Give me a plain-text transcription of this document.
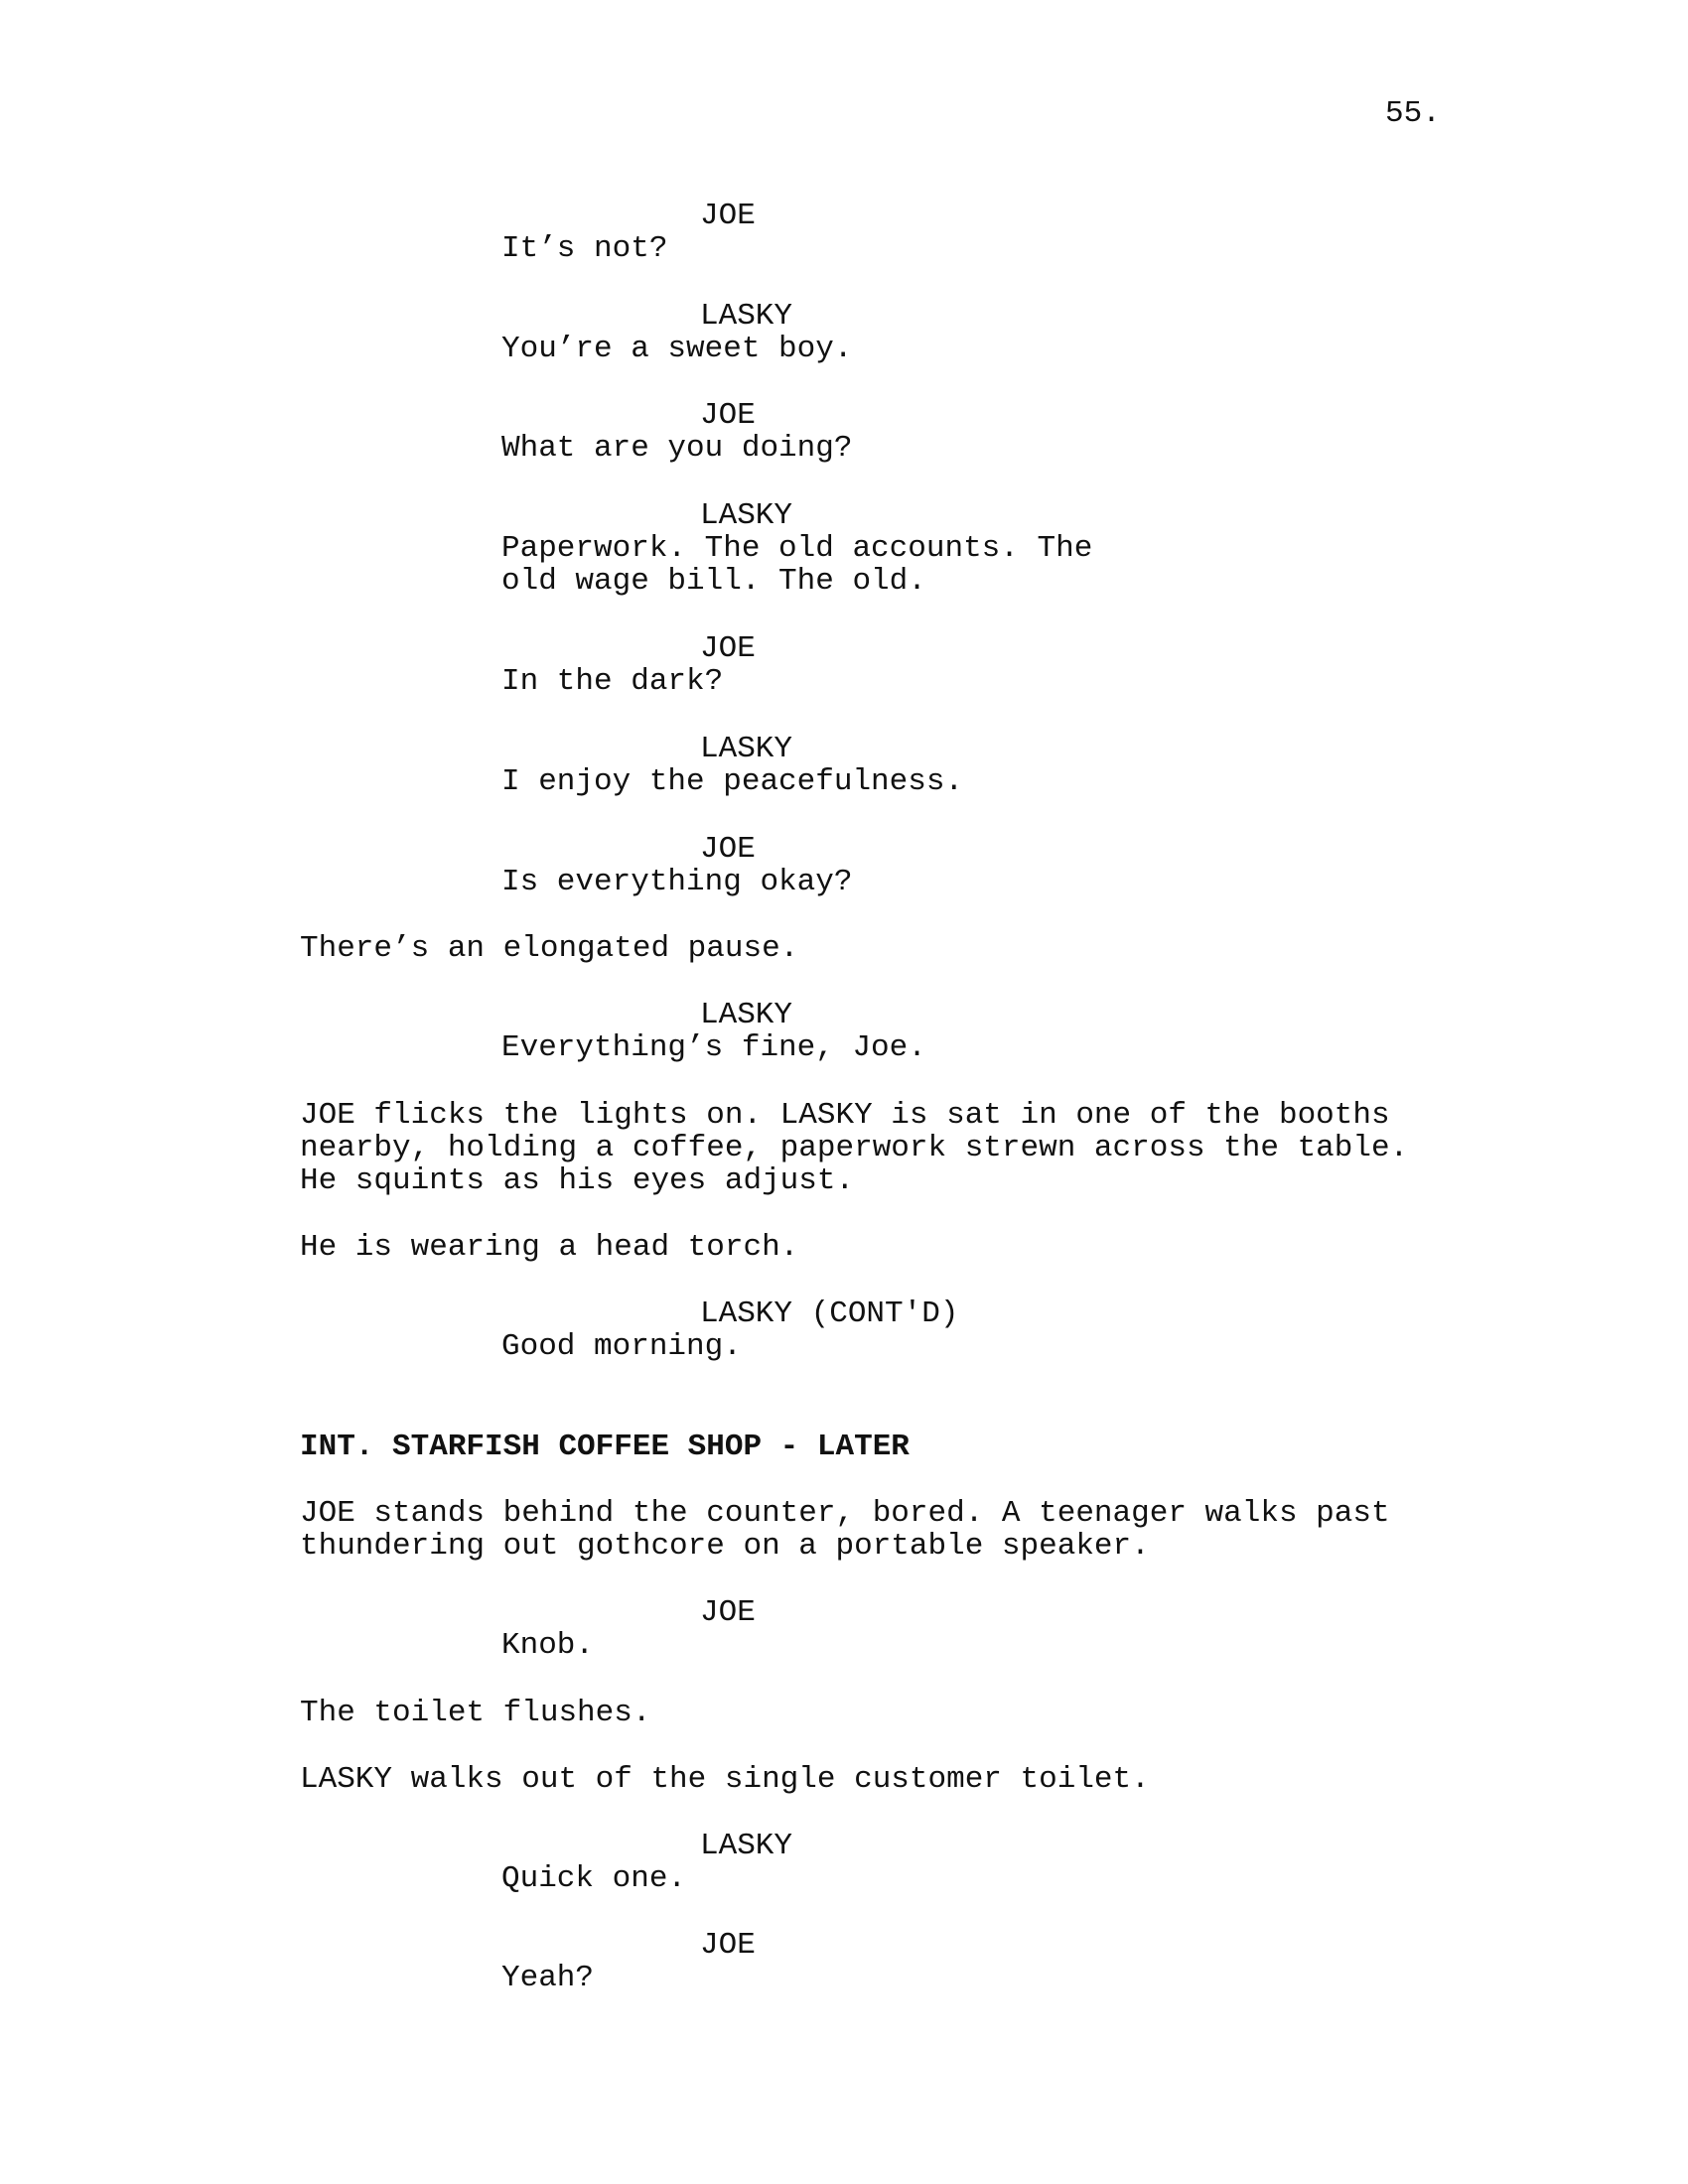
55.
JOE
It’s not?
LASKY
You’re a sweet boy.
JOE
What are you doing?
LASKY
Paperwork. The old accounts. The
old wage bill. The old.
JOE
In the dark?
LASKY
I enjoy the peacefulness.
JOE
Is everything okay?
There’s an elongated pause.
LASKY
Everything’s fine, Joe.
JOE flicks the lights on. LASKY is sat in one of the booths
nearby, holding a coffee, paperwork strewn across the table.
He squints as his eyes adjust.
He is wearing a head torch.
LASKY (CONT'D)
Good morning.
INT. STARFISH COFFEE SHOP - LATER
JOE stands behind the counter, bored. A teenager walks past
thundering out gothcore on a portable speaker.
JOE
Knob.
The toilet flushes.
LASKY walks out of the single customer toilet.
LASKY
Quick one.
JOE
Yeah?
